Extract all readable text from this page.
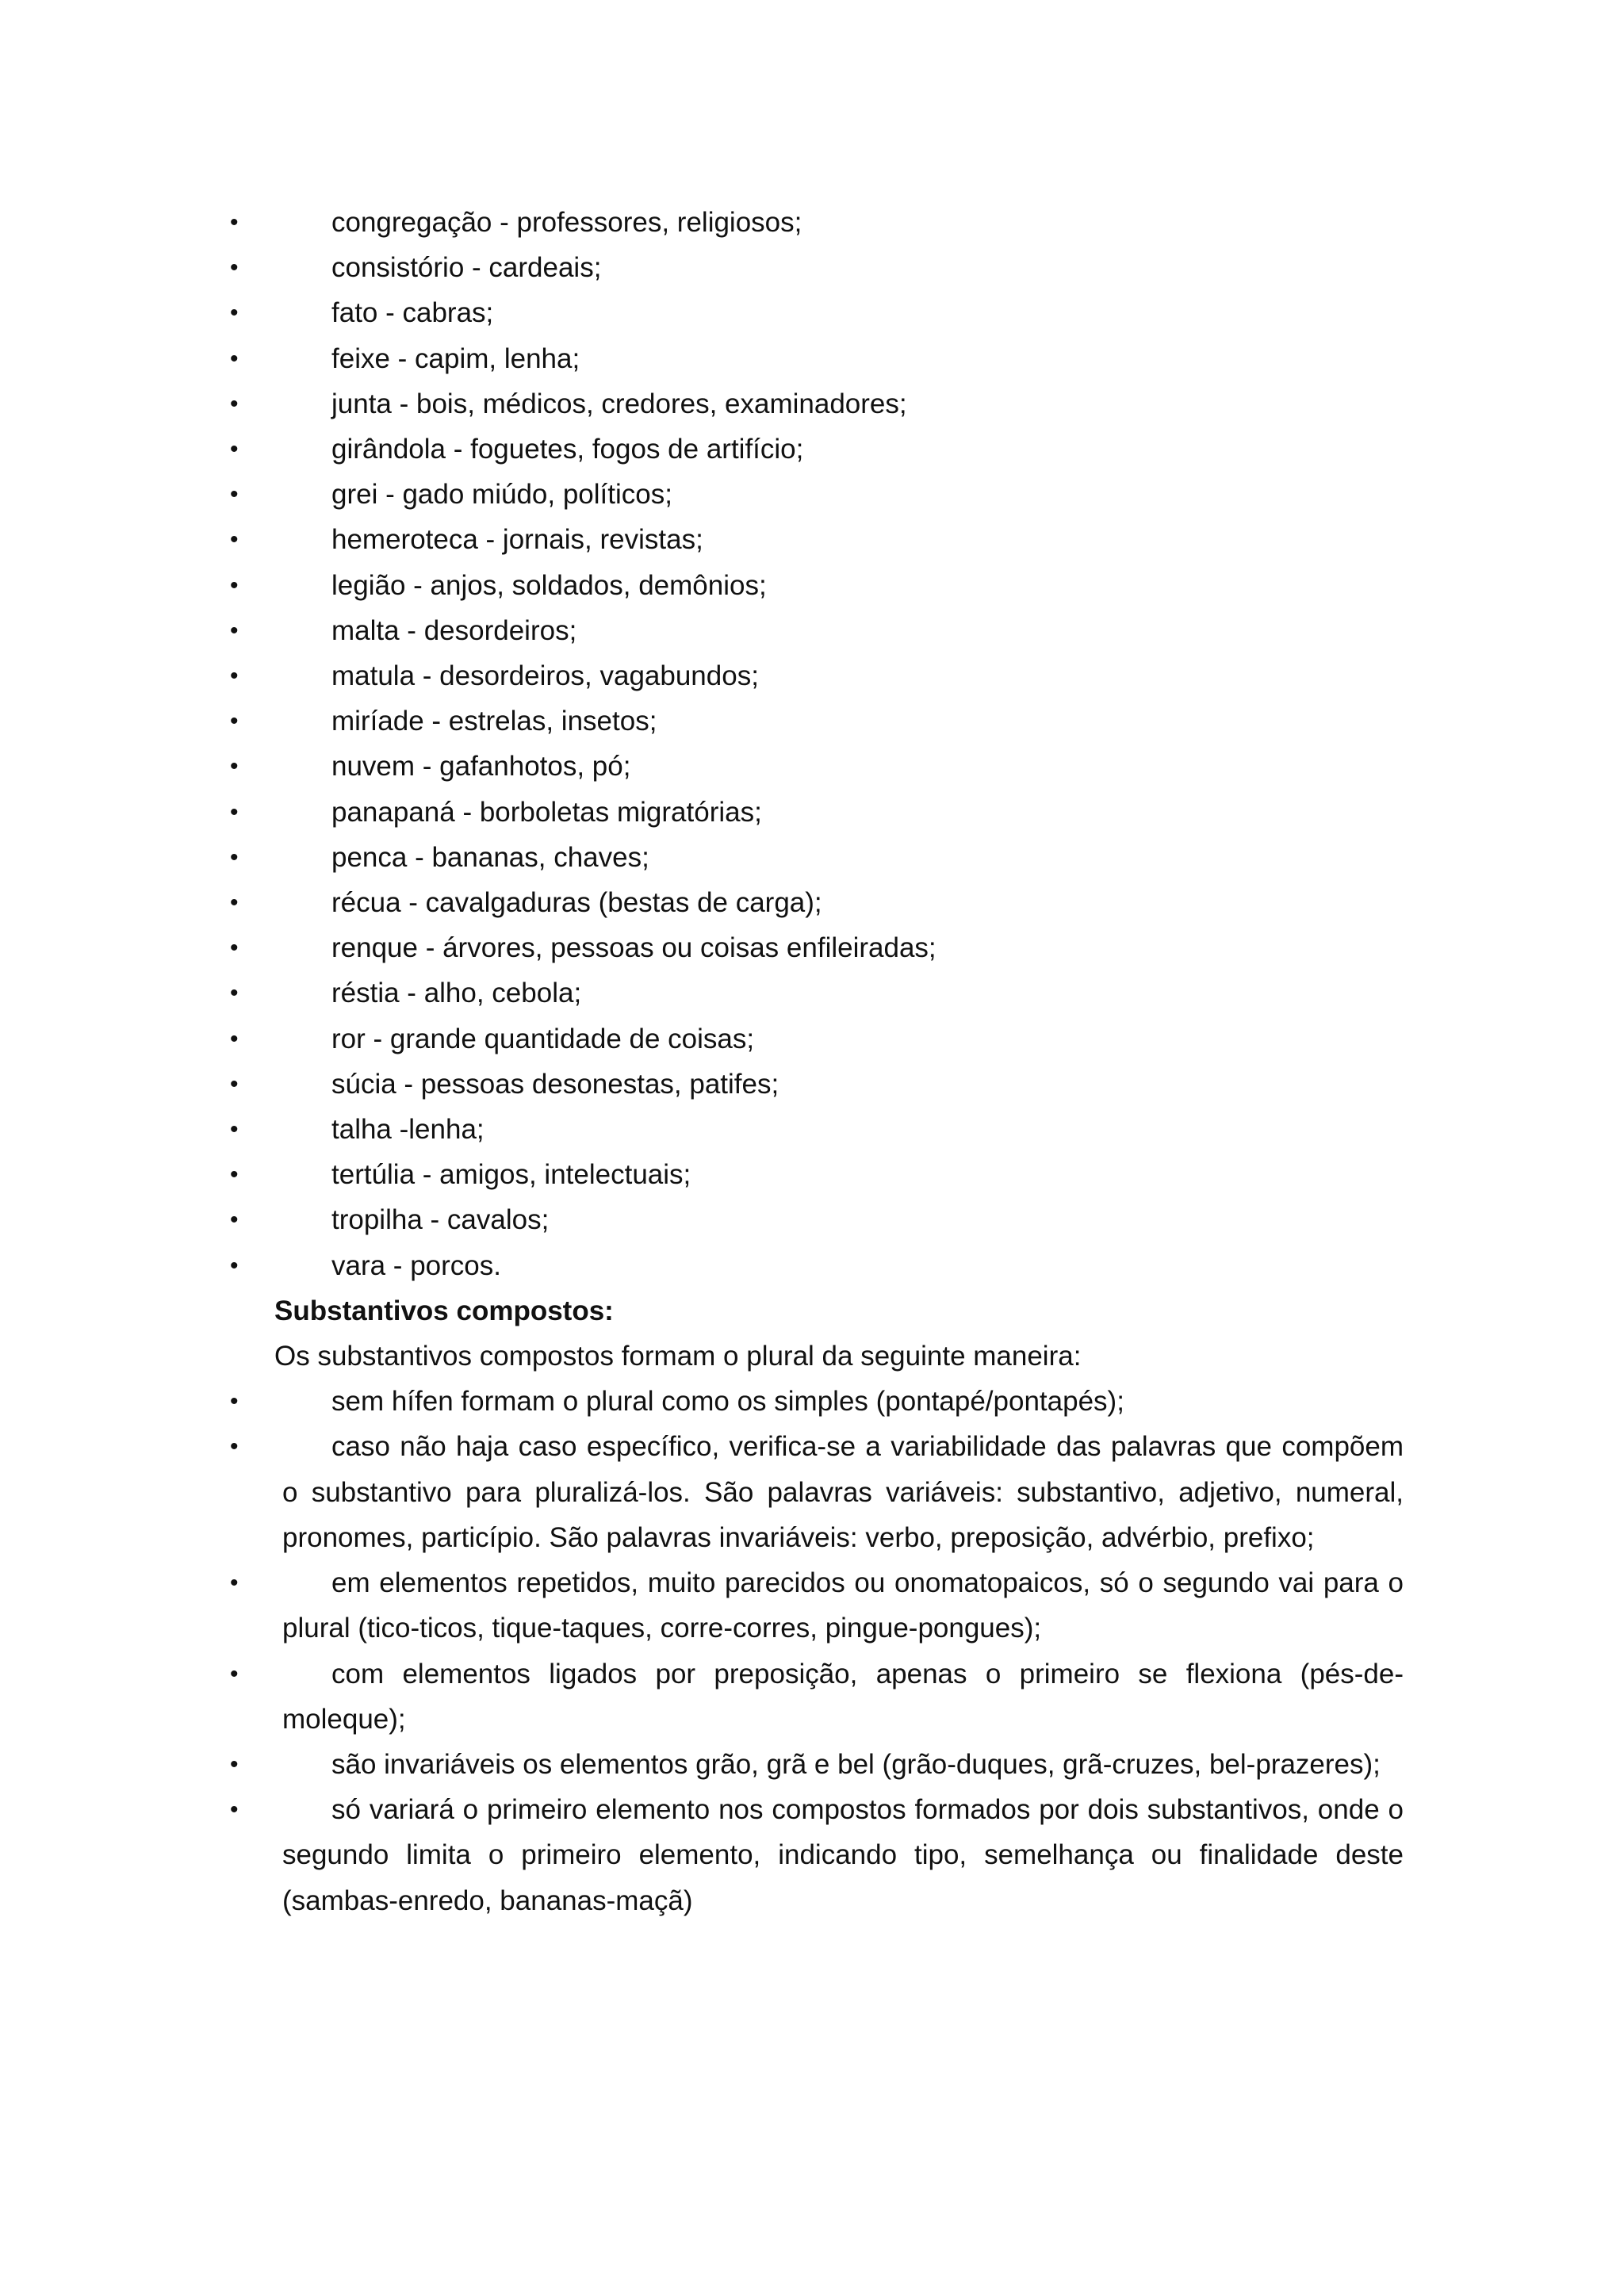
•	congregação - professores, religiosos;
•	consistório - cardeais;
•	fato - cabras;
•	feixe - capim, lenha;
•	junta - bois, médicos, credores, examinadores;
•	girândola - foguetes, fogos de artifício;
•	grei - gado miúdo, políticos;
•	hemeroteca - jornais, revistas;
•	legião - anjos, soldados, demônios;
•	malta - desordeiros;
•	matula - desordeiros, vagabundos;
•	miríade - estrelas, insetos;
•	nuvem - gafanhotos, pó;
•	panapaná - borboletas migratórias;
•	penca - bananas, chaves;
•	récua - cavalgaduras (bestas de carga);
•	renque - árvores, pessoas ou coisas enfileiradas;
•	réstia - alho, cebola;
•	ror - grande quantidade de coisas;
•	súcia - pessoas desonestas, patifes;
•	talha -lenha;
•	tertúlia - amigos, intelectuais;
•	tropilha - cavalos;
•	vara - porcos.
Substantivos compostos:
Os substantivos compostos formam o plural da seguinte maneira:
•	sem hífen formam o plural como os simples (pontapé/pontapés);
•	caso não haja caso específico, verifica-se a variabilidade das palavras que compõem o substantivo para pluralizá-los. São palavras variáveis: substantivo, adjetivo, numeral, pronomes, particípio. São palavras invariáveis: verbo, preposição, advérbio, prefixo;
•	em elementos repetidos, muito parecidos ou onomatopaicos, só o segundo vai para o plural (tico-ticos, tique-taques, corre-corres, pingue-pongues);
•	com elementos ligados por preposição, apenas o primeiro se flexiona (pés-de-moleque);
•	são invariáveis os elementos grão, grã e bel (grão-duques, grã-cruzes, bel-prazeres);
•	só variará o primeiro elemento nos compostos formados por dois substantivos, onde o segundo limita o primeiro elemento, indicando tipo, semelhança ou finalidade deste (sambas-enredo, bananas-maçã)
